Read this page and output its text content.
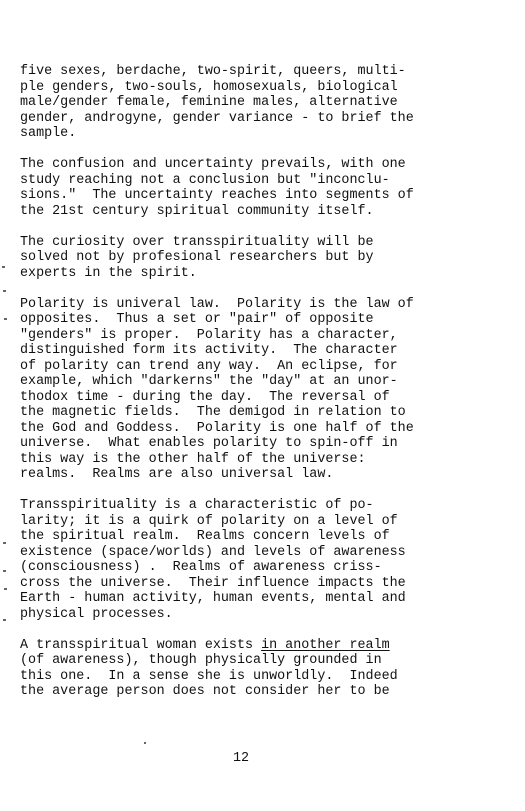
five sexes, berdache, two-spirit, queers, multi-
ple genders, two-souls, homosexuals, biological
male/gender female, feminine males, alternative
gender, androgyne, gender variance - to brief the
sample.
The confusion and uncertainty prevails, with one
study reaching not a conclusion but "inconclu-
sions."  The uncertainty reaches into segments of
the 21st century spiritual community itself.
The curiosity over transspirituality will be
solved not by profesional researchers but by
experts in the spirit.
Polarity is univeral law.  Polarity is the law of
opposites.  Thus a set or "pair" of opposite
"genders" is proper.  Polarity has a character,
distinguished form its activity.  The character
of polarity can trend any way.  An eclipse, for
example, which "darkerns" the "day" at an unor-
thodox time - during the day.  The reversal of
the magnetic fields.  The demigod in relation to
the God and Goddess.  Polarity is one half of the
universe.  What enables polarity to spin-off in
this way is the other half of the universe:
realms.  Realms are also universal law.
Transspirituality is a characteristic of po-
larity; it is a quirk of polarity on a level of
the spiritual realm.  Realms concern levels of
existence (space/worlds) and levels of awareness
(consciousness) .  Realms of awareness criss-
cross the universe.  Their influence impacts the
Earth - human activity, human events, mental and
physical processes.
A transspiritual woman exists in another realm
(of awareness), though physically grounded in
this one.  In a sense she is unworldly.  Indeed
the average person does not consider her to be
12
